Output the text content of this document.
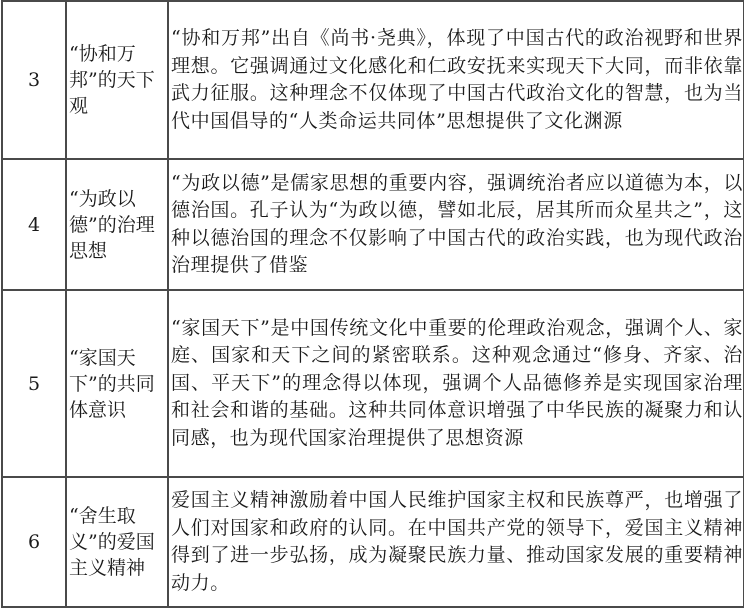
3	“协和万邦”的天下观	“协和万邦”出自《尚书·尧典》，体现了中国古代的政治视野和世界理想。它强调通过文化感化和仁政安抚来实现天下大同，而非依靠武力征服。这种理念不仅体现了中国古代政治文化的智慧，也为当代中国倡导的“人类命运共同体”思想提供了文化渊源
4	“为政以德”的治理思想	“为政以德”是儒家思想的重要内容，强调统治者应以道德为本，以德治国。孔子认为“为政以德，譬如北辰，居其所而众星共之”，这种以德治国的理念不仅影响了中国古代的政治实践，也为现代政治治理提供了借鉴
5	“家国天下”的共同体意识	“家国天下”是中国传统文化中重要的伦理政治观念，强调个人、家庭、国家和天下之间的紧密联系。这种观念通过“修身、齐家、治国、平天下”的理念得以体现，强调个人品德修养是实现国家治理和社会和谐的基础。这种共同体意识增强了中华民族的凝聚力和认同感，也为现代国家治理提供了思想资源
6	“舍生取义”的爱国主义精神	爱国主义精神激励着中国人民维护国家主权和民族尊严，也增强了人们对国家和政府的认同。在中国共产党的领导下，爱国主义精神得到了进一步弘扬，成为凝聚民族力量、推动国家发展的重要精神动力。
